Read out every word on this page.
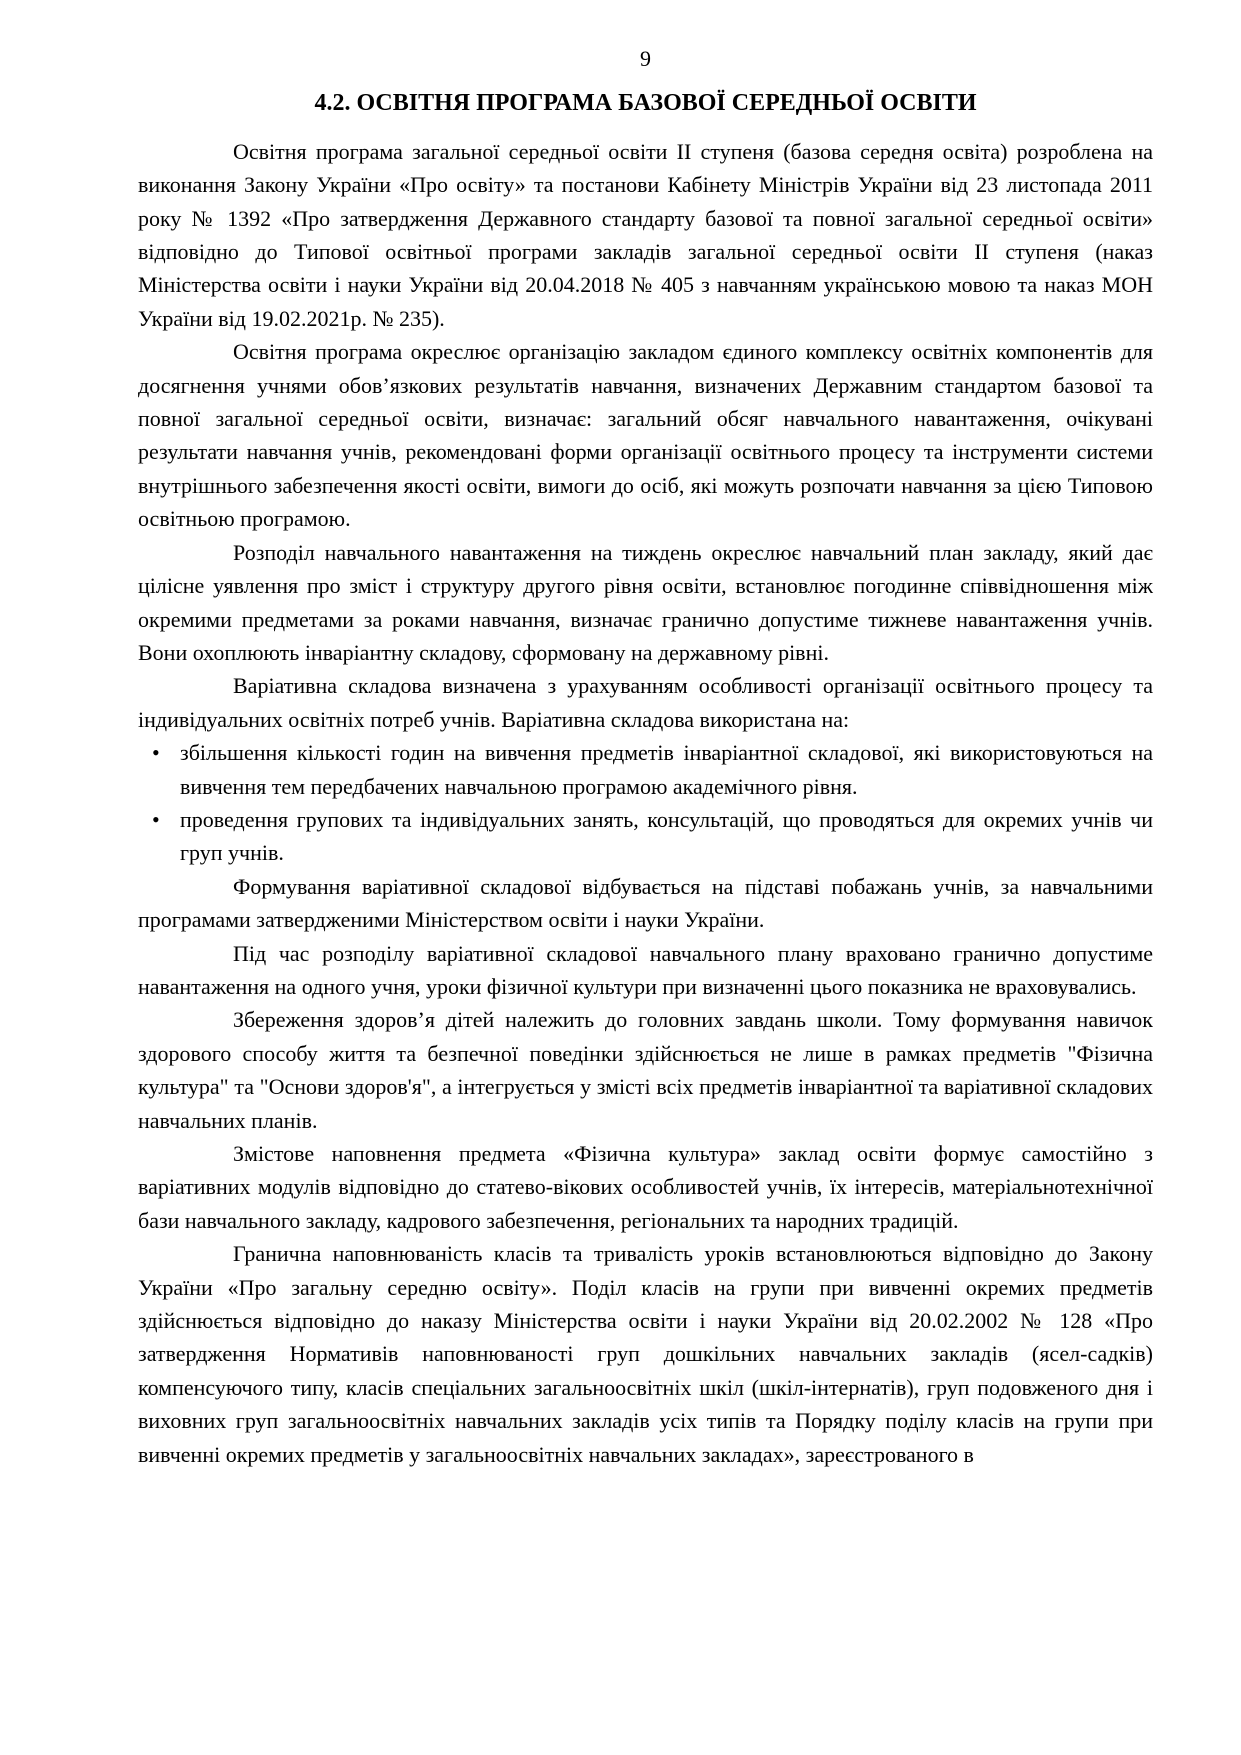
9
4.2. ОСВІТНЯ ПРОГРАМА БАЗОВОЇ СЕРЕДНЬОЇ ОСВІТИ

Освітня програма загальної середньої освіти ІІ ступеня (базова середня освіта) розроблена на виконання Закону України «Про освіту» та постанови Кабінету Міністрів України від 23 листопада 2011 року № 1392 «Про затвердження Державного стандарту базової та повної загальної середньої освіти» відповідно до Типової освітньої програми закладів загальної середньої освіти ІІ ступеня (наказ Міністерства освіти і науки України від 20.04.2018 № 405 з навчанням українською мовою та наказ МОН України від 19.02.2021р. № 235).

Освітня програма окреслює організацію закладом єдиного комплексу освітніх компонентів для досягнення учнями обов’язкових результатів навчання, визначених Державним стандартом базової та повної загальної середньої освіти, визначає: загальний обсяг навчального навантаження, очікувані результати навчання учнів, рекомендовані форми організації освітнього процесу та інструменти системи внутрішнього забезпечення якості освіти, вимоги до осіб, які можуть розпочати навчання за цією Типовою освітньою програмою.

Розподіл навчального навантаження на тиждень окреслює навчальний план закладу, який дає цілісне уявлення про зміст і структуру другого рівня освіти, встановлює погодинне співвідношення між окремими предметами за роками навчання, визначає гранично допустиме тижневе навантаження учнів. Вони охоплюють інваріантну складову, сформовану на державному рівні.

Варіативна складова визначена з урахуванням особливості організації освітнього процесу та індивідуальних освітніх потреб учнів. Варіативна складова використана на:

• збільшення кількості годин на вивчення предметів інваріантної складової, які використовуються на вивчення тем передбачених навчальною програмою академічного рівня.
• проведення групових та індивідуальних занять, консультацій, що проводяться для окремих учнів чи груп учнів.

Формування варіативної складової відбувається на підставі побажань учнів, за навчальними програмами затвердженими Міністерством освіти і науки України.

Під час розподілу варіативної складової навчального плану враховано гранично допустиме навантаження на одного учня, уроки фізичної культури при визначенні цього показника не враховувались.

Збереження здоров’я дітей належить до головних завдань школи. Тому формування навичок здорового способу життя та безпечної поведінки здійснюється не лише в рамках предметів "Фізична культура" та "Основи здоров'я", а інтегрується у змісті всіх предметів інваріантної та варіативної складових навчальних планів.

Змістове наповнення предмета «Фізична культура» заклад освіти формує самостійно з варіативних модулів відповідно до статево-вікових особливостей учнів, їх інтересів, матеріальнотехнічної бази навчального закладу, кадрового забезпечення, регіональних та народних традицій.

Гранична наповнюваність класів та тривалість уроків встановлюються відповідно до Закону України «Про загальну середню освіту». Поділ класів на групи при вивченні окремих предметів здійснюється відповідно до наказу Міністерства освіти і науки України від 20.02.2002 № 128 «Про затвердження Нормативів наповнюваності груп дошкільних навчальних закладів (ясел-садків) компенсуючого типу, класів спеціальних загальноосвітніх шкіл (шкіл-інтернатів), груп подовженого дня і виховних груп загальноосвітніх навчальних закладів усіх типів та Порядку поділу класів на групи при вивченні окремих предметів у загальноосвітніх навчальних закладах», зареєстрованого в
